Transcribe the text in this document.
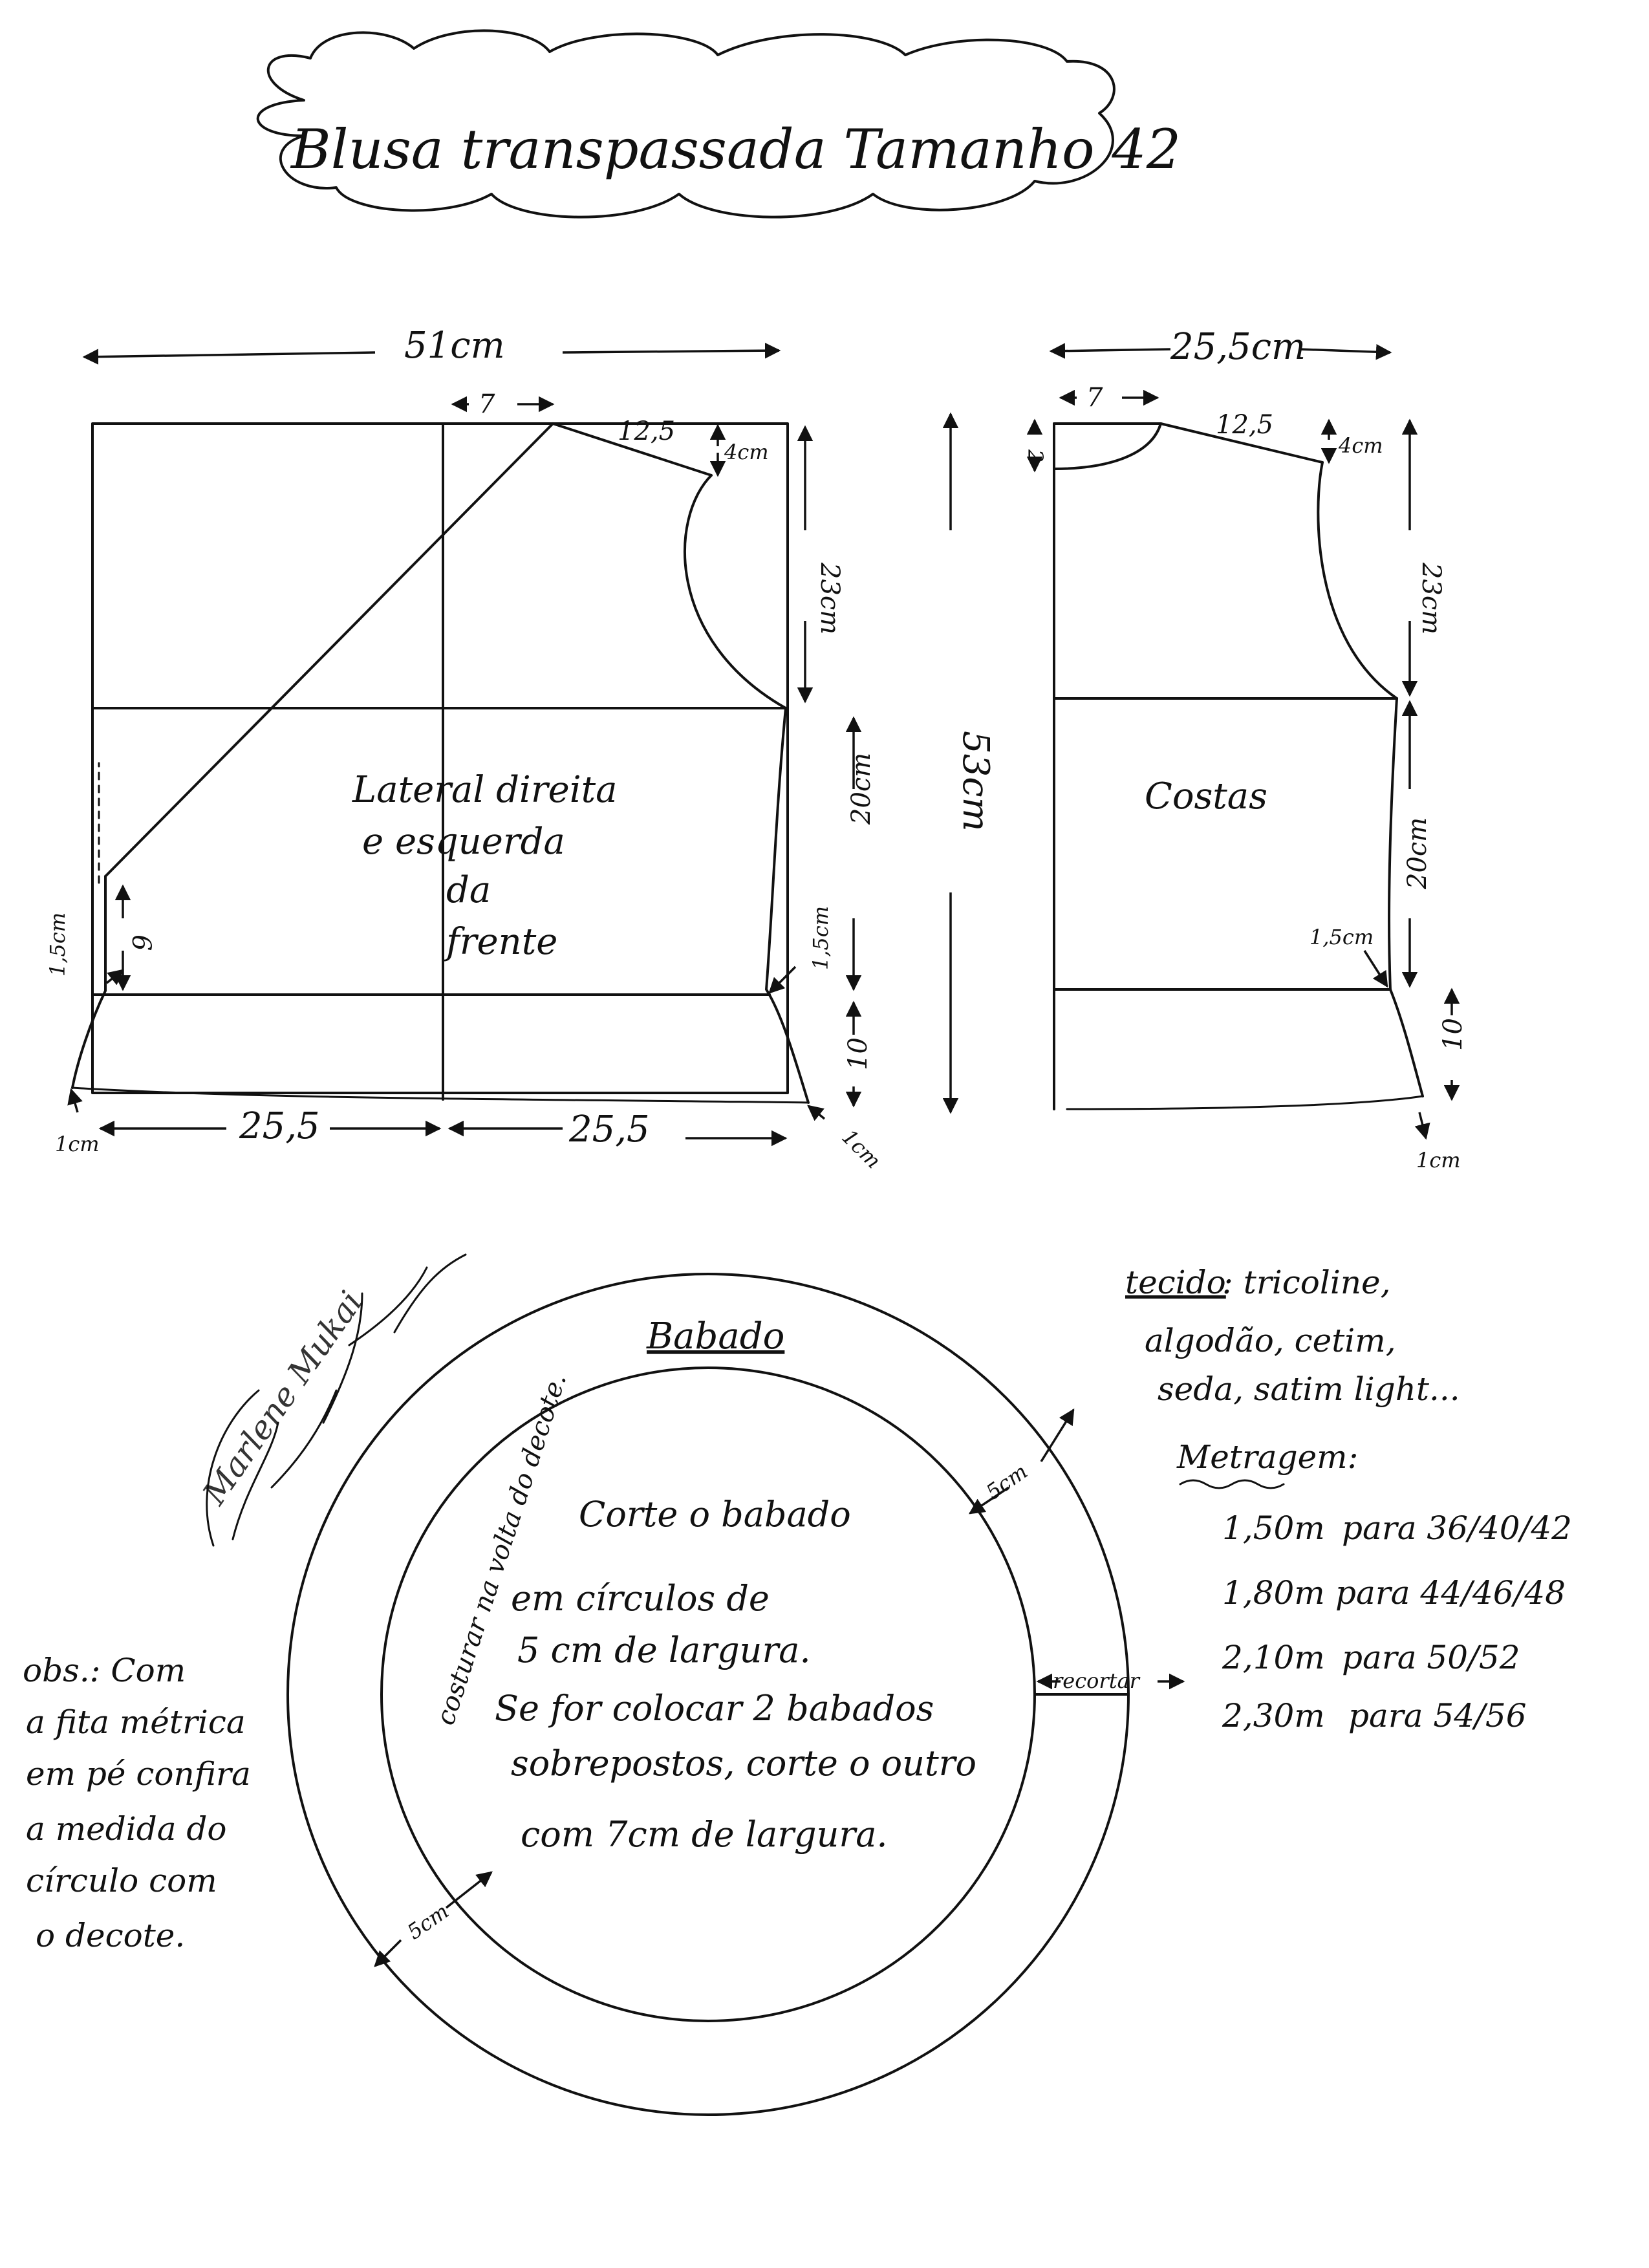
Blusa transpassada Tamanho 42
51cm
7
12,5
4cm
23cm
20cm
10
53cm
1,5cm 6	1,5cm
1cm	1cm
25,5	25,5
Lateral direita
e esquerda
da
frente
25,5cm
7
2
12,5
4cm
23cm
20cm
10
1,5cm
1cm
Costas
Marlene Mukai	Babado
costurar na volta do decote.	5cm
5cm
recortar
Corte o babado
em círculos de
5 cm de largura.
Se for colocar 2 babados
sobrepostos, corte o outro
com 7cm de largura.
obs.: Com
a fita métrica
em pé confira
a medida do
círculo com
o decote.
tecido
: tricoline,
algodão, cetim,
seda, satim light...
Metragem:
1,50m para 36/40/42
1,80m para 44/46/48
2,10m para 50/52
2,30m para 54/56
